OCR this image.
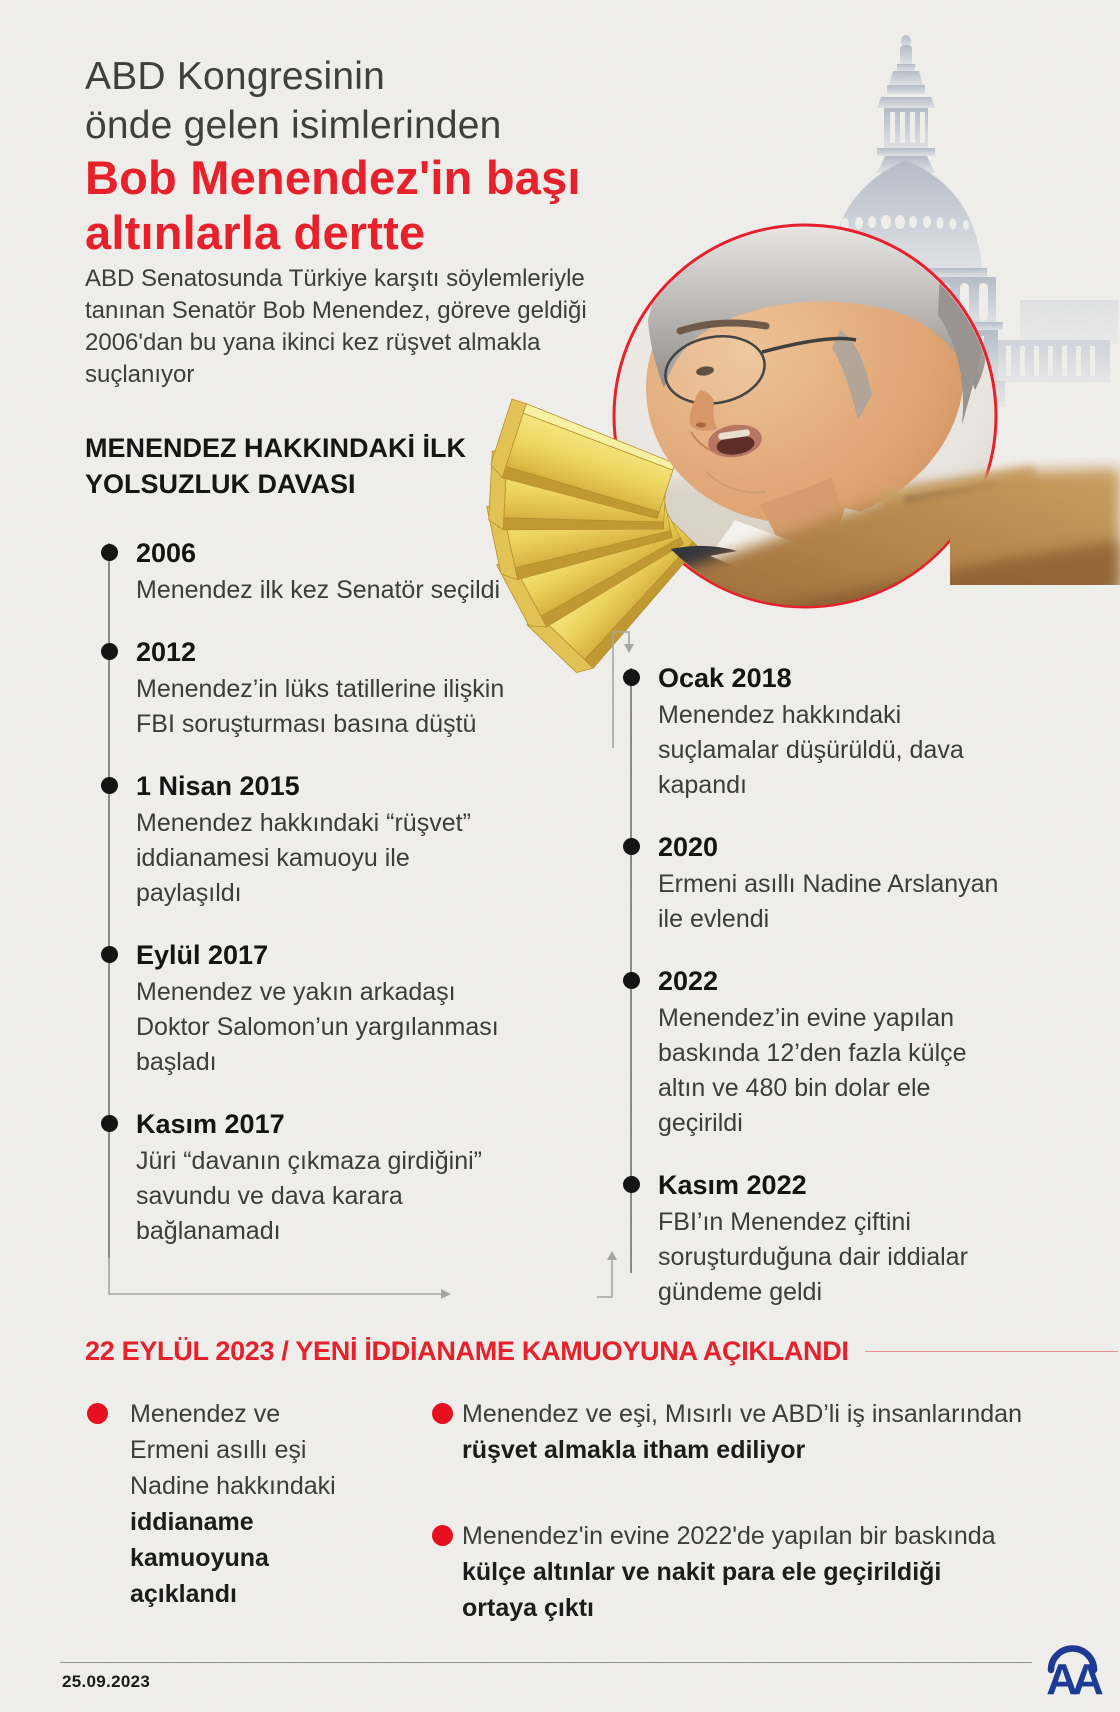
ABD Kongresinin
önde gelen isimlerinden
Bob Menendez'in başı
altınlarla dertte

ABD Senatosunda Türkiye karşıtı söylemleriyle tanınan Senatör Bob Menendez, göreve geldiği 2006'dan bu yana ikinci kez rüşvet almakla suçlanıyor

MENENDEZ HAKKINDAKİ İLK YOLSUZLUK DAVASI
2006

Menendez ilk kez Senatör seçildi

2012

Menendez’in lüks tatillerine ilişkin FBI soruşturması basına düştü

1 Nisan 2015

Menendez hakkındaki “rüşvet” iddianamesi kamuoyu ile paylaşıldı

Eylül 2017

Menendez ve yakın arkadaşı Doktor Salomon’un yargılanması başladı

Kasım 2017

Jüri “davanın çıkmaza girdiğini” savundu ve dava karara bağlanamadı

Ocak 2018

Menendez hakkındaki suçlamalar düşürüldü, dava kapandı

2020

Ermeni asıllı Nadine Arslanyan ile evlendi

2022

Menendez’in evine yapılan baskında 12’den fazla külçe altın ve 480 bin dolar ele geçirildi

Kasım 2022

FBI’ın Menendez çiftini soruşturduğuna dair iddialar gündeme geldi

22 EYLÜL 2023 / YENİ İDDİANAME KAMUOYUNA AÇIKLANDI

Menendez ve Ermeni asıllı eşi Nadine hakkındaki iddianame kamuoyuna açıklandı

Menendez ve eşi, Mısırlı ve ABD’li iş insanlarından rüşvet almakla itham ediliyor

Menendez'in evine 2022'de yapılan bir baskında külçe altınlar ve nakit para ele geçirildiği ortaya çıktı

25.09.2023	AA
